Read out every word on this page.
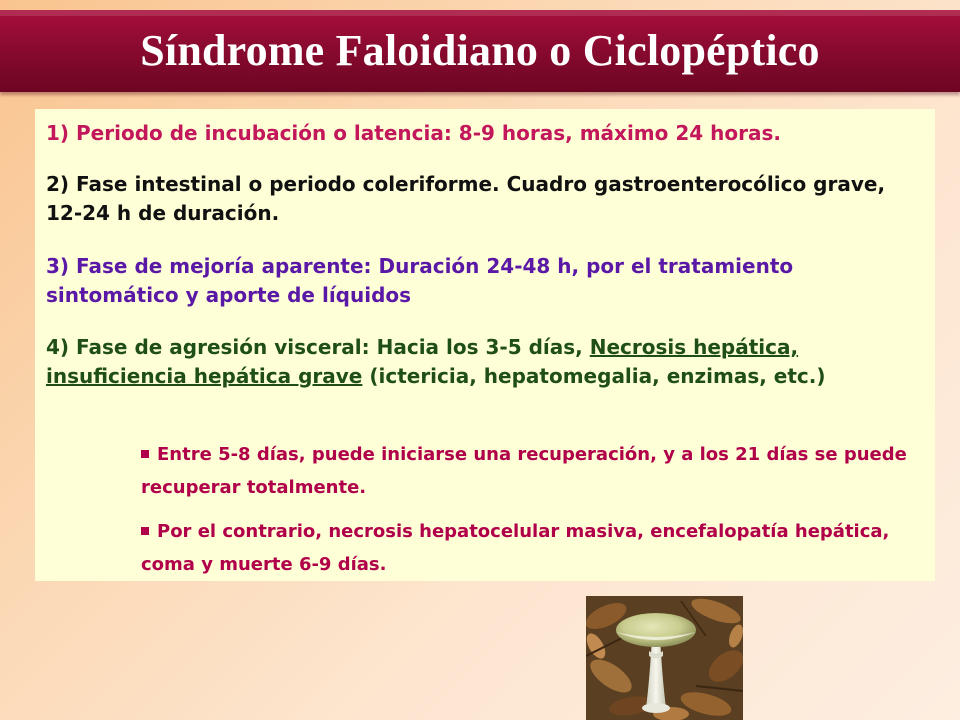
Síndrome Faloidiano o Ciclopéptico

1) Periodo de incubación o latencia: 8-9 horas, máximo 24 horas.

2) Fase intestinal o periodo coleriforme. Cuadro gastroenterocólico grave, 12-24 h de duración.

3) Fase de mejoría aparente: Duración 24-48 h, por el tratamiento sintomático y aporte de líquidos

4) Fase de agresión visceral: Hacia los 3-5 días, Necrosis hepática, insuficiencia hepática grave (ictericia, hepatomegalia, enzimas, etc.)

Entre 5-8 días, puede iniciarse una recuperación, y a los 21 días se puede recuperar totalmente.

Por el contrario, necrosis hepatocelular masiva, encefalopatía hepática, coma y muerte 6-9 días.
